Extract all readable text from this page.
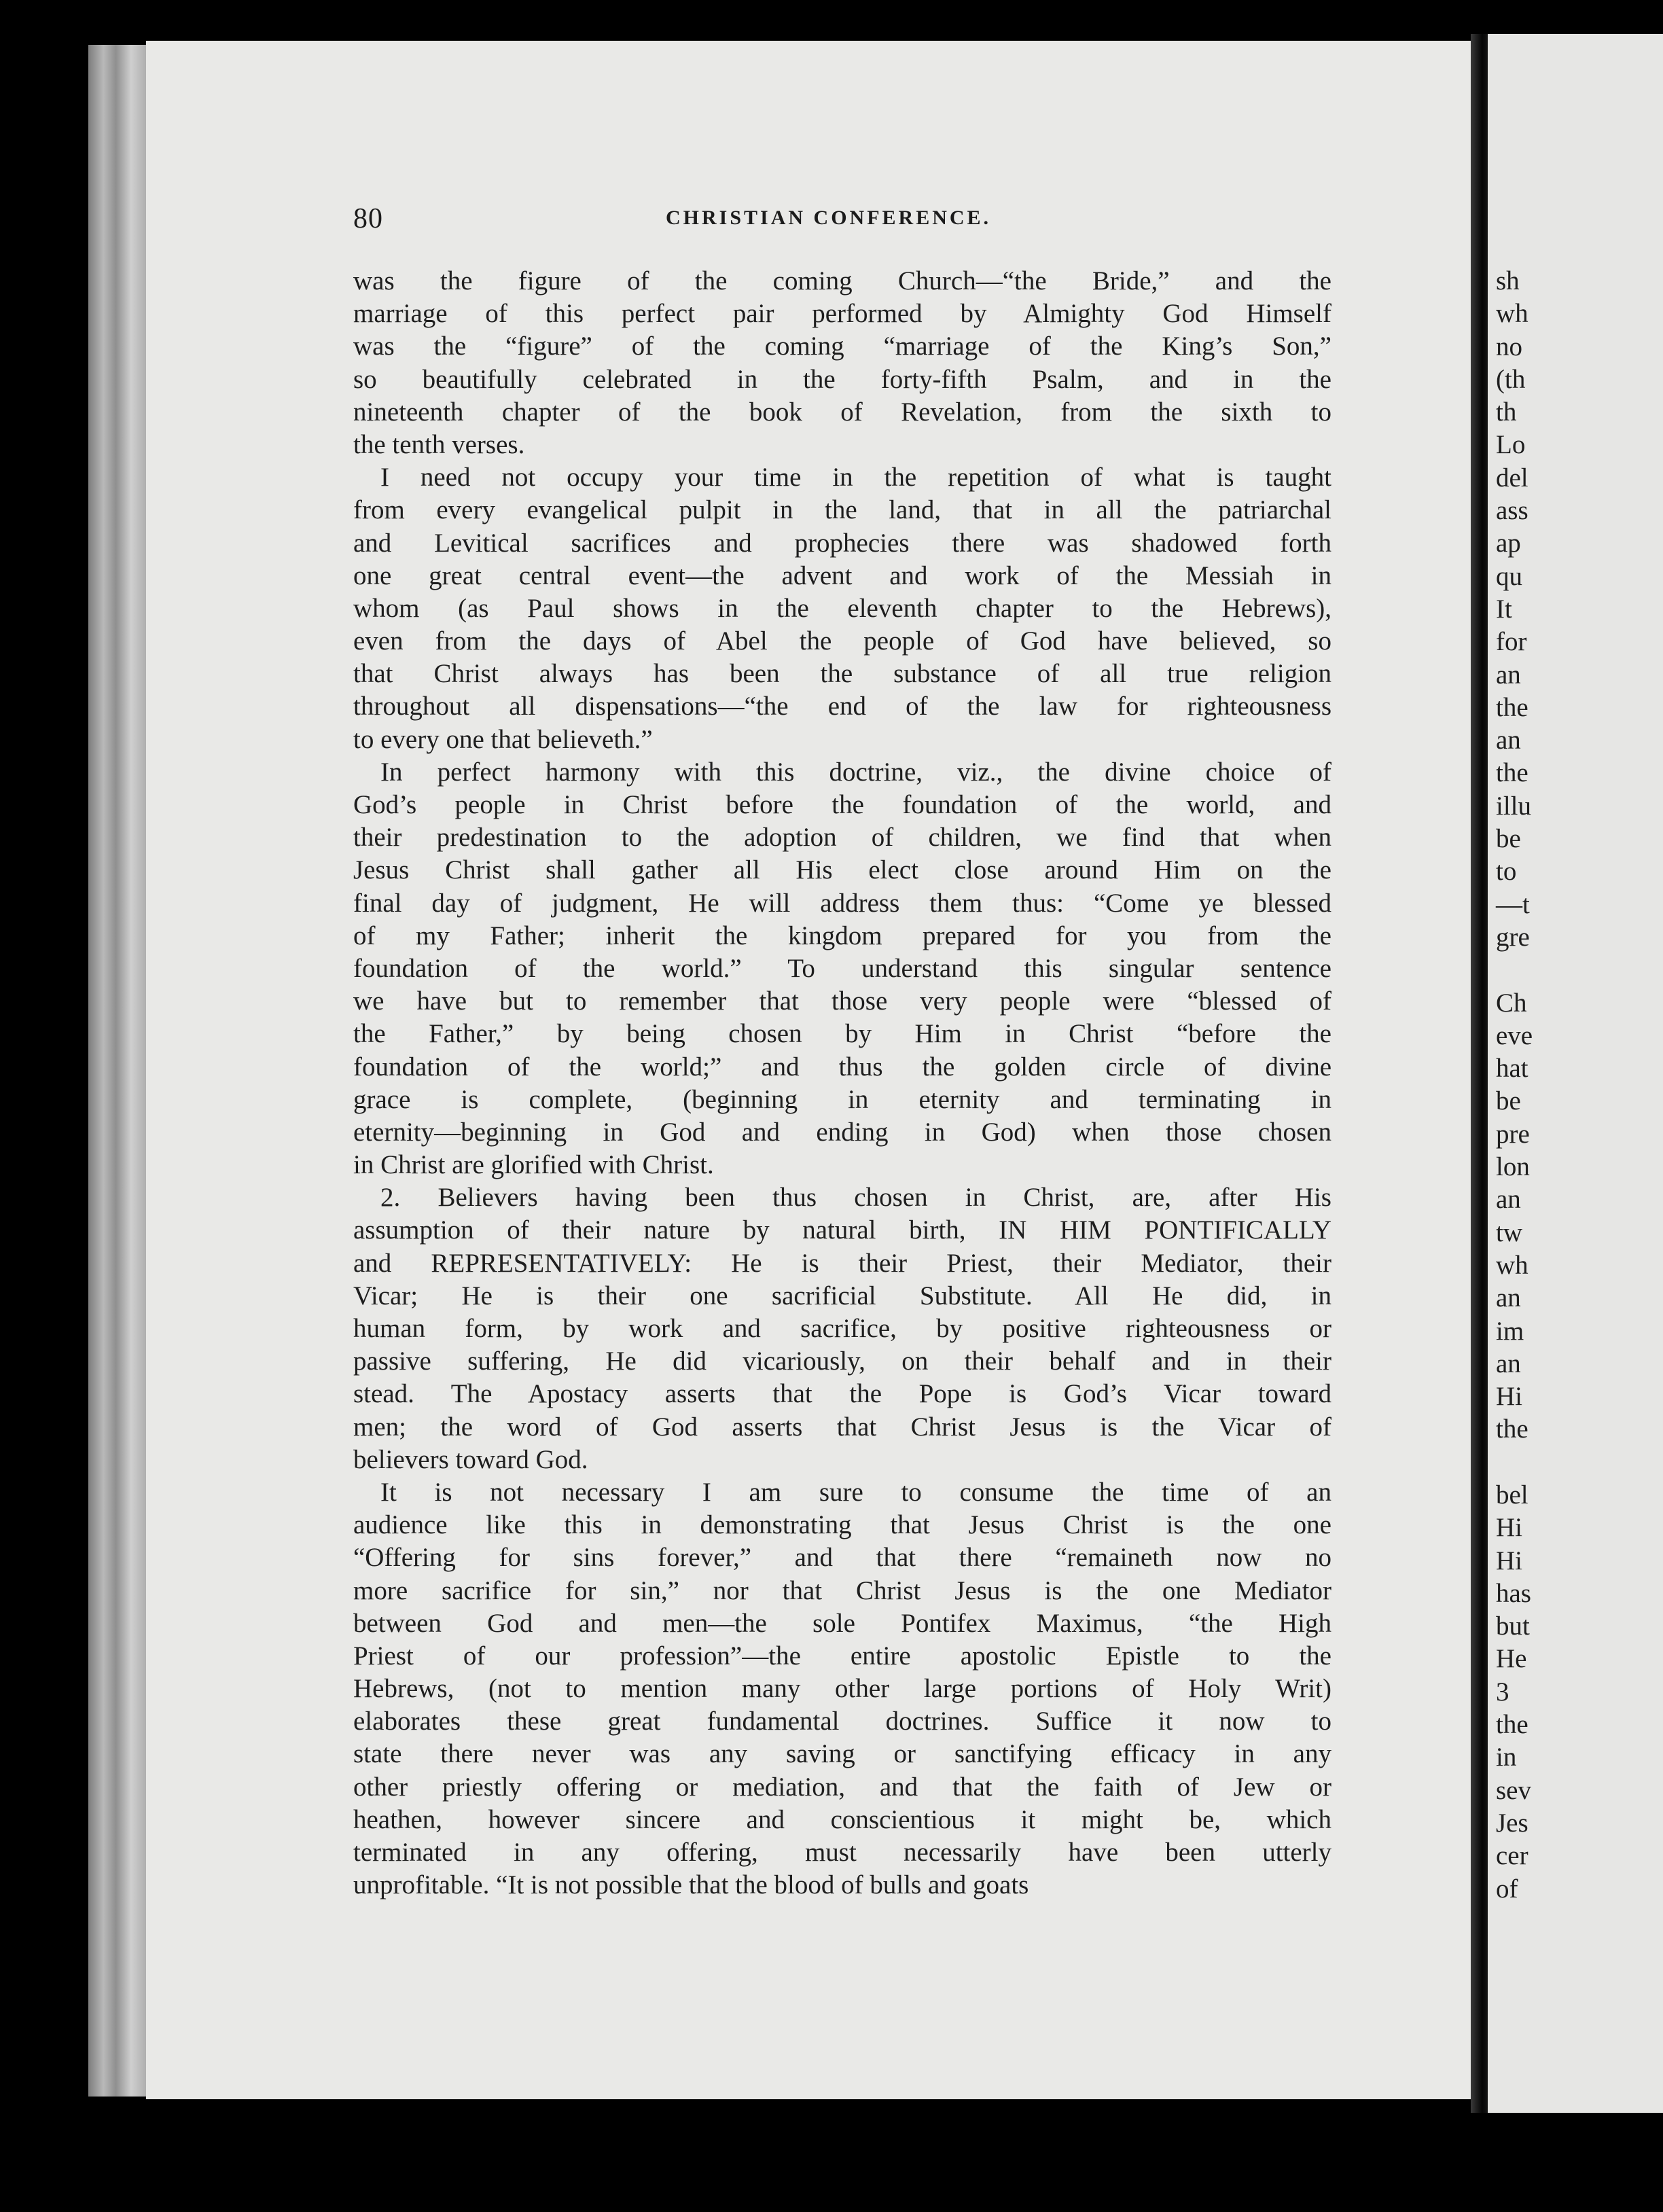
80	CHRISTIAN CONFERENCE.
was the figure of the coming Church—“the Bride,” and the
marriage of this perfect pair performed by Almighty God Himself
was the “figure” of the coming “marriage of the King’s Son,”
so beautifully celebrated in the forty-fifth Psalm, and in the
nineteenth chapter of the book of Revelation, from the sixth to
the tenth verses.
I need not occupy your time in the repetition of what is taught
from every evangelical pulpit in the land, that in all the patriarchal
and Levitical sacrifices and prophecies there was shadowed forth
one great central event—the advent and work of the Messiah in
whom (as Paul shows in the eleventh chapter to the Hebrews),
even from the days of Abel the people of God have believed, so
that Christ always has been the substance of all true religion
throughout all dispensations—“the end of the law for righteousness
to every one that believeth.”
In perfect harmony with this doctrine, viz., the divine choice of
God’s people in Christ before the foundation of the world, and
their predestination to the adoption of children, we find that when
Jesus Christ shall gather all His elect close around Him on the
final day of judgment, He will address them thus: “Come ye blessed
of my Father; inherit the kingdom prepared for you from the
foundation of the world.” To understand this singular sentence
we have but to remember that those very people were “blessed of
the Father,” by being chosen by Him in Christ “before the
foundation of the world;” and thus the golden circle of divine
grace is complete, (beginning in eternity and terminating in
eternity—beginning in God and ending in God) when those chosen
in Christ are glorified with Christ.
2. Believers having been thus chosen in Christ, are, after His
assumption of their nature by natural birth, IN HIM PONTIFICALLY
and REPRESENTATIVELY: He is their Priest, their Mediator, their
Vicar; He is their one sacrificial Substitute. All He did, in
human form, by work and sacrifice, by positive righteousness or
passive suffering, He did vicariously, on their behalf and in their
stead. The Apostacy asserts that the Pope is God’s Vicar toward
men; the word of God asserts that Christ Jesus is the Vicar of
believers toward God.
It is not necessary I am sure to consume the time of an
audience like this in demonstrating that Jesus Christ is the one
“Offering for sins forever,” and that there “remaineth now no
more sacrifice for sin,” nor that Christ Jesus is the one Mediator
between God and men—the sole Pontifex Maximus, “the High
Priest of our profession”—the entire apostolic Epistle to the
Hebrews, (not to mention many other large portions of Holy Writ)
elaborates these great fundamental doctrines. Suffice it now to
state there never was any saving or sanctifying efficacy in any
other priestly offering or mediation, and that the faith of Jew or
heathen, however sincere and conscientious it might be, which
terminated in any offering, must necessarily have been utterly
unprofitable. “It is not possible that the blood of bulls and goats
sh
wh
no
(th
th
Lo
del
ass
ap
qu
It
for
an
the
an
the
illu
be
to
—t
gre
Ch
eve
hat
be
pre
lon
an
tw
wh
an
im
an
Hi
the
bel
Hi
Hi
has
but
He
3
the
in
sev
Jes
cer
of
